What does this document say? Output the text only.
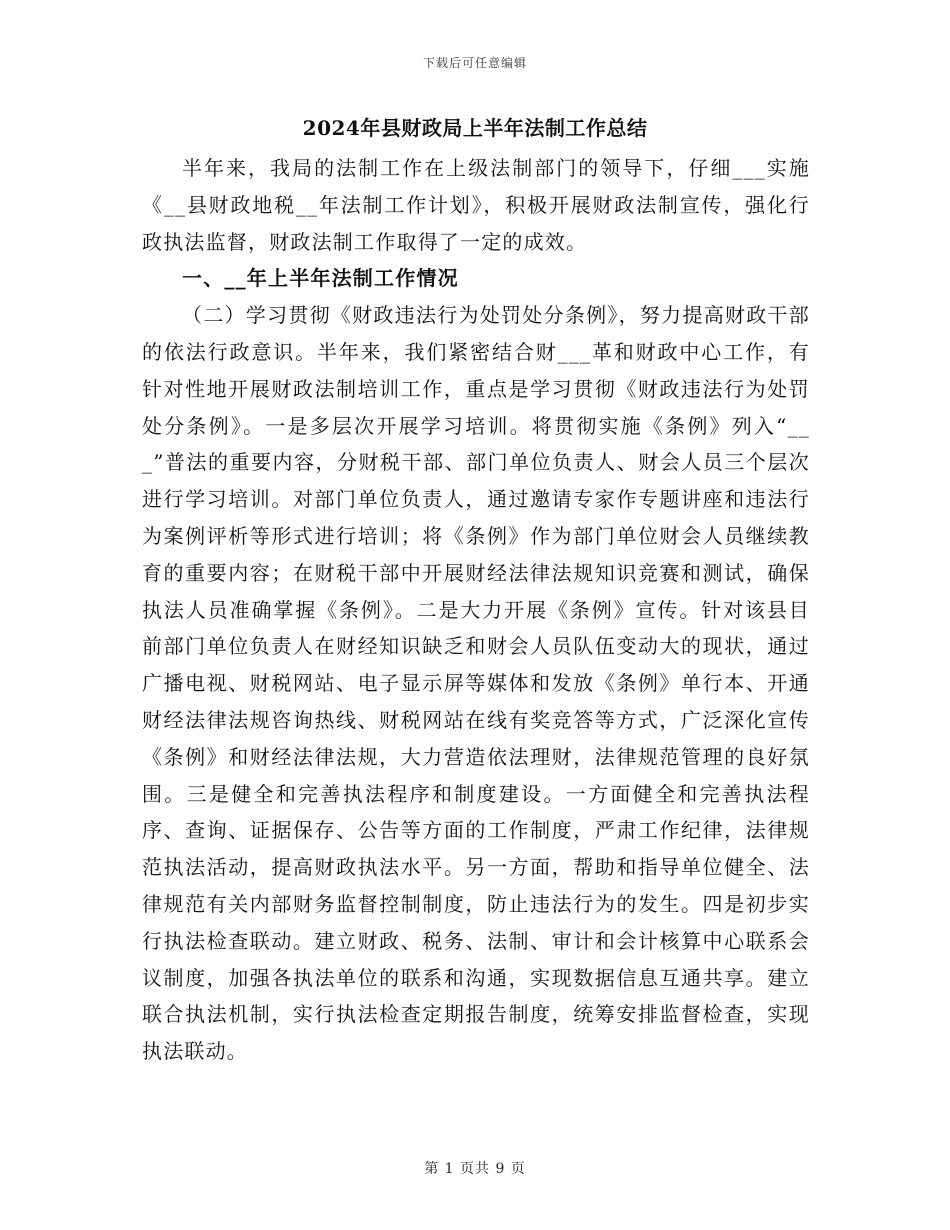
下载后可任意编辑
2024年县财政局上半年法制工作总结

半年来，我局的法制工作在上级法制部门的领导下，仔细___实施《__县财政地税__年法制工作计划》，积极开展财政法制宣传，强化行政执法监督，财政法制工作取得了一定的成效。

一、__年上半年法制工作情况

（二）学习贯彻《财政违法行为处罚处分条例》，努力提高财政干部的依法行政意识。半年来，我们紧密结合财___革和财政中心工作，有针对性地开展财政法制培训工作，重点是学习贯彻《财政违法行为处罚处分条例》。一是多层次开展学习培训。将贯彻实施《条例》列入“___”普法的重要内容，分财税干部、部门单位负责人、财会人员三个层次进行学习培训。对部门单位负责人，通过邀请专家作专题讲座和违法行为案例评析等形式进行培训；将《条例》作为部门单位财会人员继续教育的重要内容；在财税干部中开展财经法律法规知识竞赛和测试，确保执法人员准确掌握《条例》。二是大力开展《条例》宣传。针对该县目前部门单位负责人在财经知识缺乏和财会人员队伍变动大的现状，通过广播电视、财税网站、电子显示屏等媒体和发放《条例》单行本、开通财经法律法规咨询热线、财税网站在线有奖竞答等方式，广泛深化宣传《条例》和财经法律法规，大力营造依法理财，法律规范管理的良好氛围。三是健全和完善执法程序和制度建设。一方面健全和完善执法程序、查询、证据保存、公告等方面的工作制度，严肃工作纪律，法律规范执法活动，提高财政执法水平。另一方面，帮助和指导单位健全、法律规范有关内部财务监督控制制度，防止违法行为的发生。四是初步实行执法检查联动。建立财政、税务、法制、审计和会计核算中心联系会议制度，加强各执法单位的联系和沟通，实现数据信息互通共享。建立联合执法机制，实行执法检查定期报告制度，统筹安排监督检查，实现执法联动。

第 1 页共 9 页
